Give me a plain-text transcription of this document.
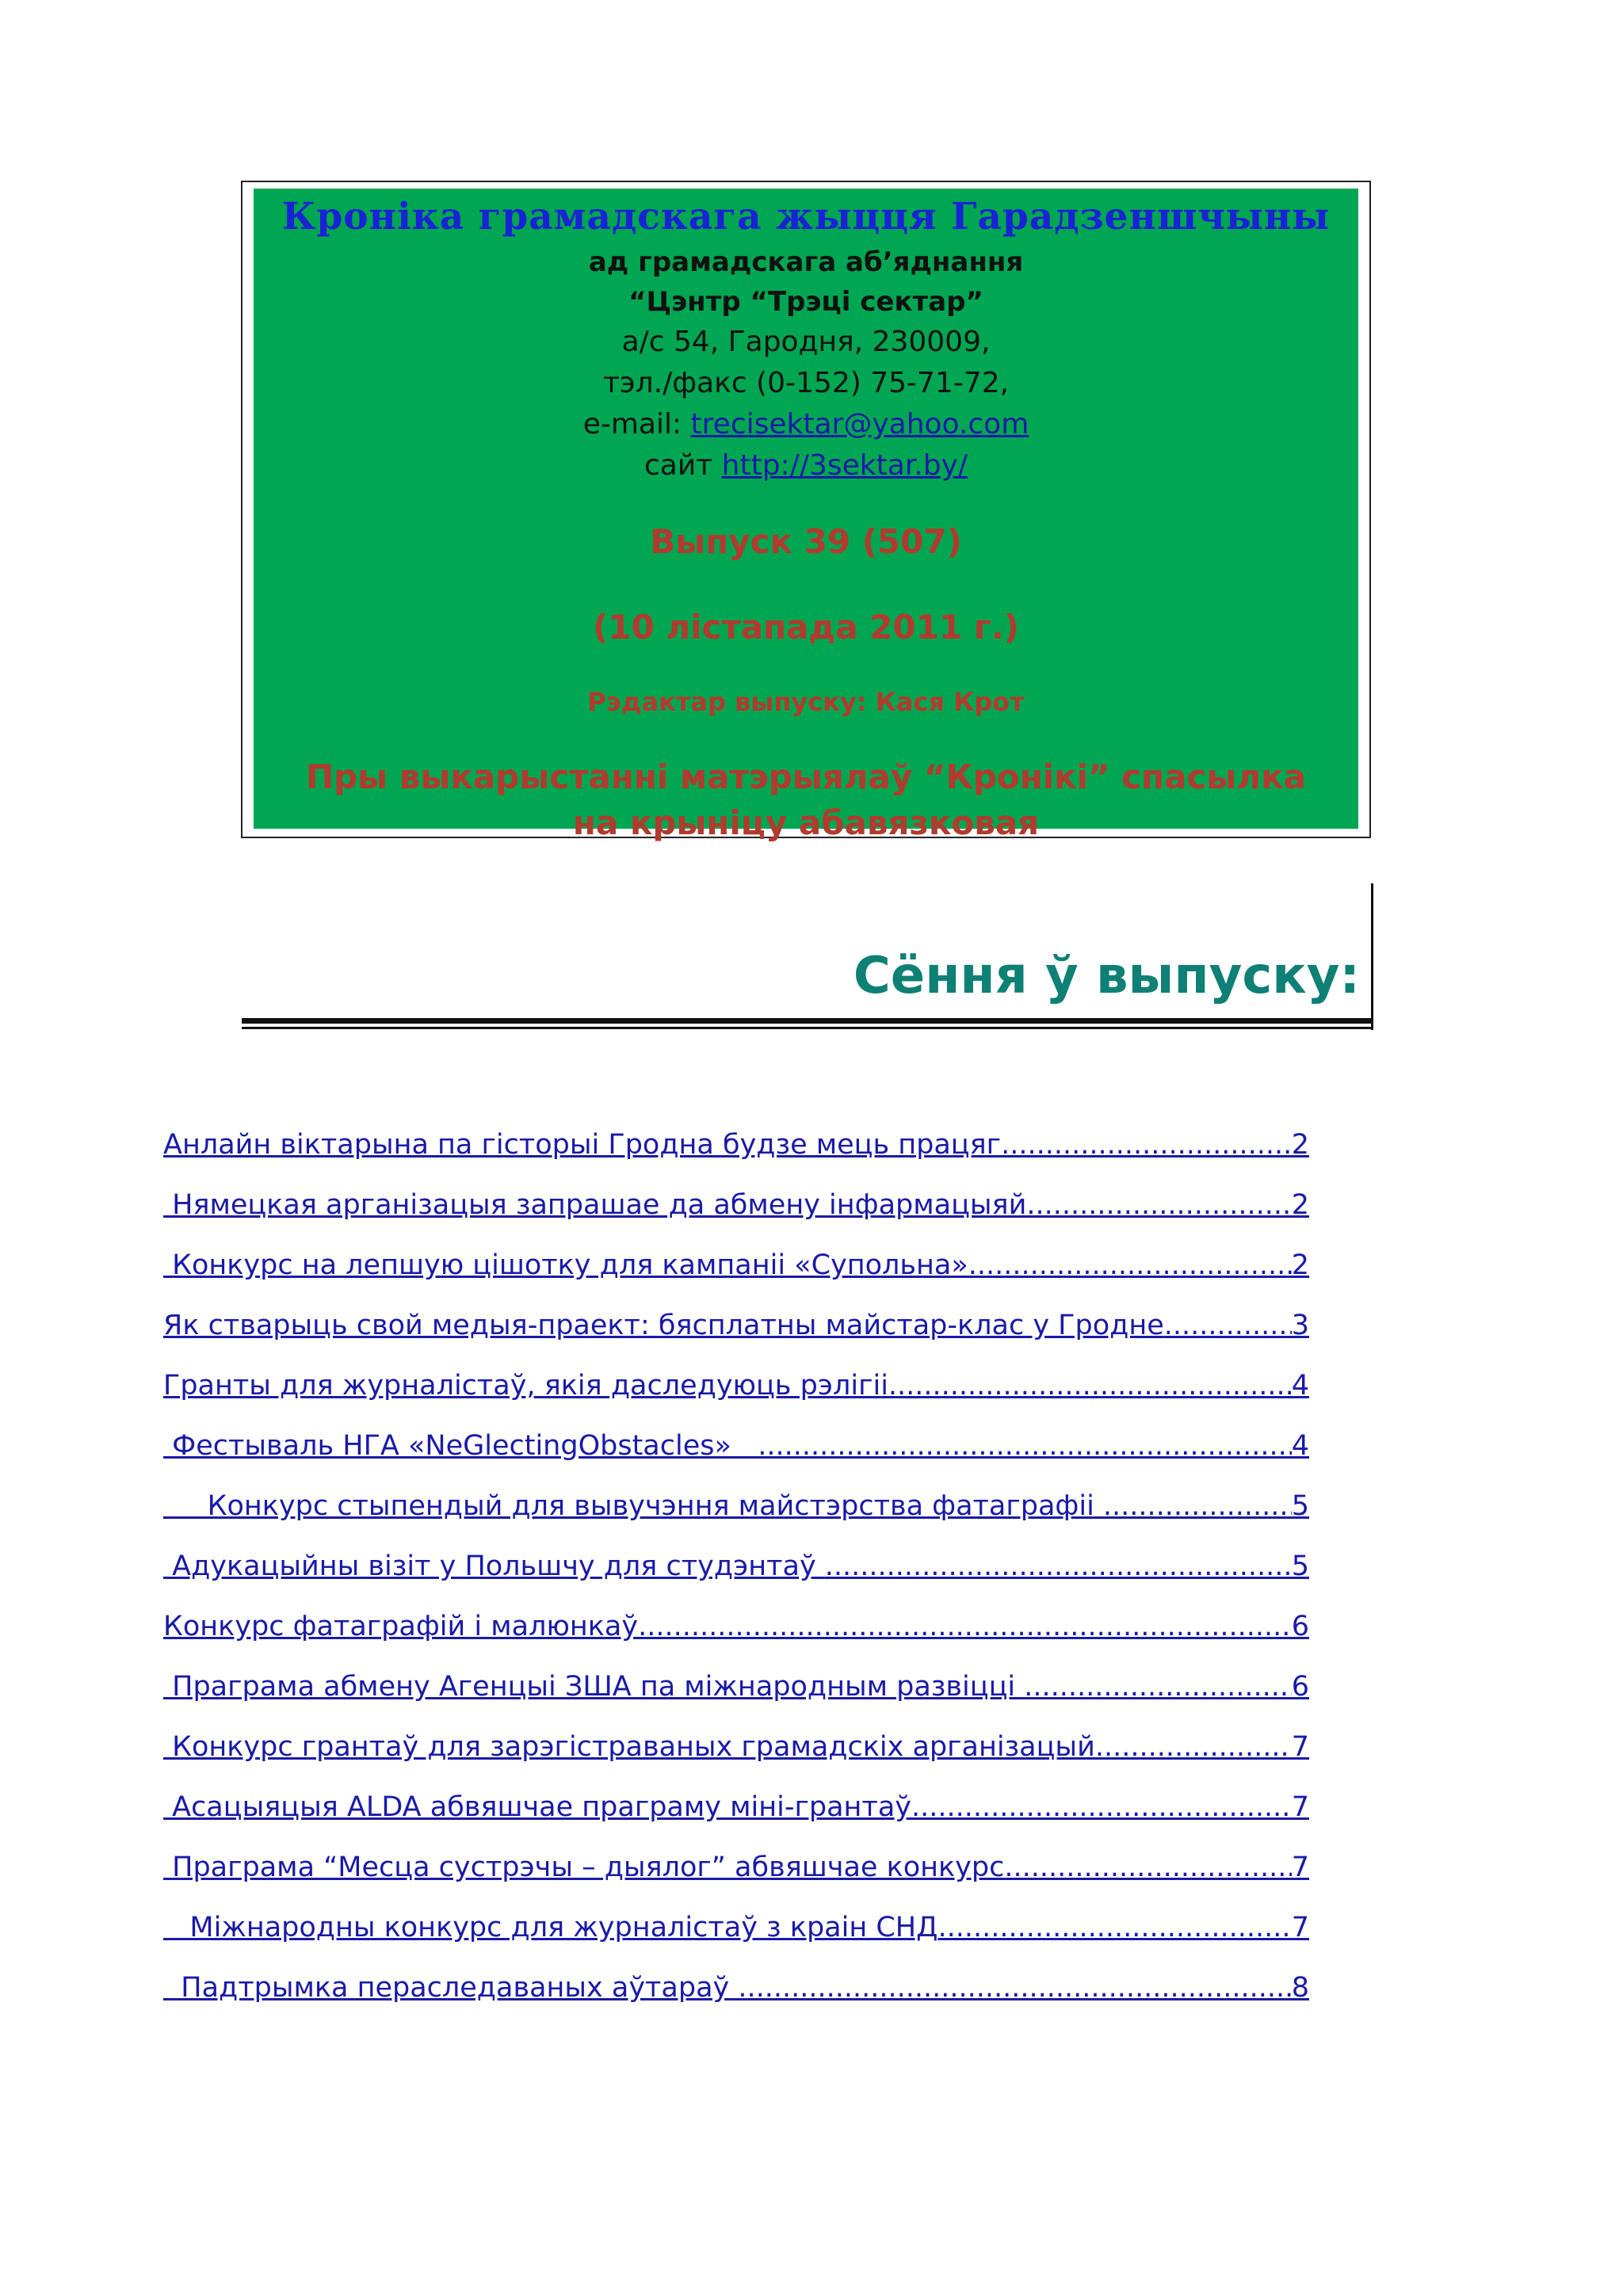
Кроніка грамадскага жыцця Гарадзеншчыны

ад грамадскага аб’яднання

“Цэнтр “Трэці сектар”

а/с 54, Гародня, 230009,

тэл./факс (0-152) 75-71-72,

e-mail: trecisektar@yahoo.com

сайт http://3sektar.by/

Выпуск 39 (507)

(10 лістапада 2011 г.)

Рэдактар выпуску: Кася Крот

Пры выкарыстанні матэрыялаў “Кронікі” спасылка на крыніцу абавязковая

Сёння ў выпуску:
Анлайн віктарына па гісторыі Гродна будзе мець працяг .....	2
Нямецкая арганізацыя запрашае да абмену інфармацыяй .....	2
Конкурс на лепшую цішотку для кампаніі «Супольна» .....	2
Як стварыць свой медыя-праект: бясплатны майстар-клас у Гродне .....	3
Гранты для журналістаў, якія даследуюць рэлігіі .....	4
Фестываль НГА «NeGlectingObstacles» .....	4
Конкурс стыпендый для вывучэння майстэрства фатаграфіі .....	5
Адукацыйны візіт у Польшчу для студэнтаў .....	5
Конкурс фатаграфій і малюнкаў .....	6
Праграма абмену Агенцыі ЗША па міжнародным развіцці .....	6
Конкурс грантаў для зарэгістраваных грамадскіх арганізацый .....	7
Асацыяцыя ALDA абвяшчае праграму міні-грантаў .....	7
Праграма “Месца сустрэчы – дыялог” абвяшчае конкурс .....	7
Міжнародны конкурс для журналістаў з краін СНД .....	7
Падтрымка пераследаваных аўтараў .....	8
